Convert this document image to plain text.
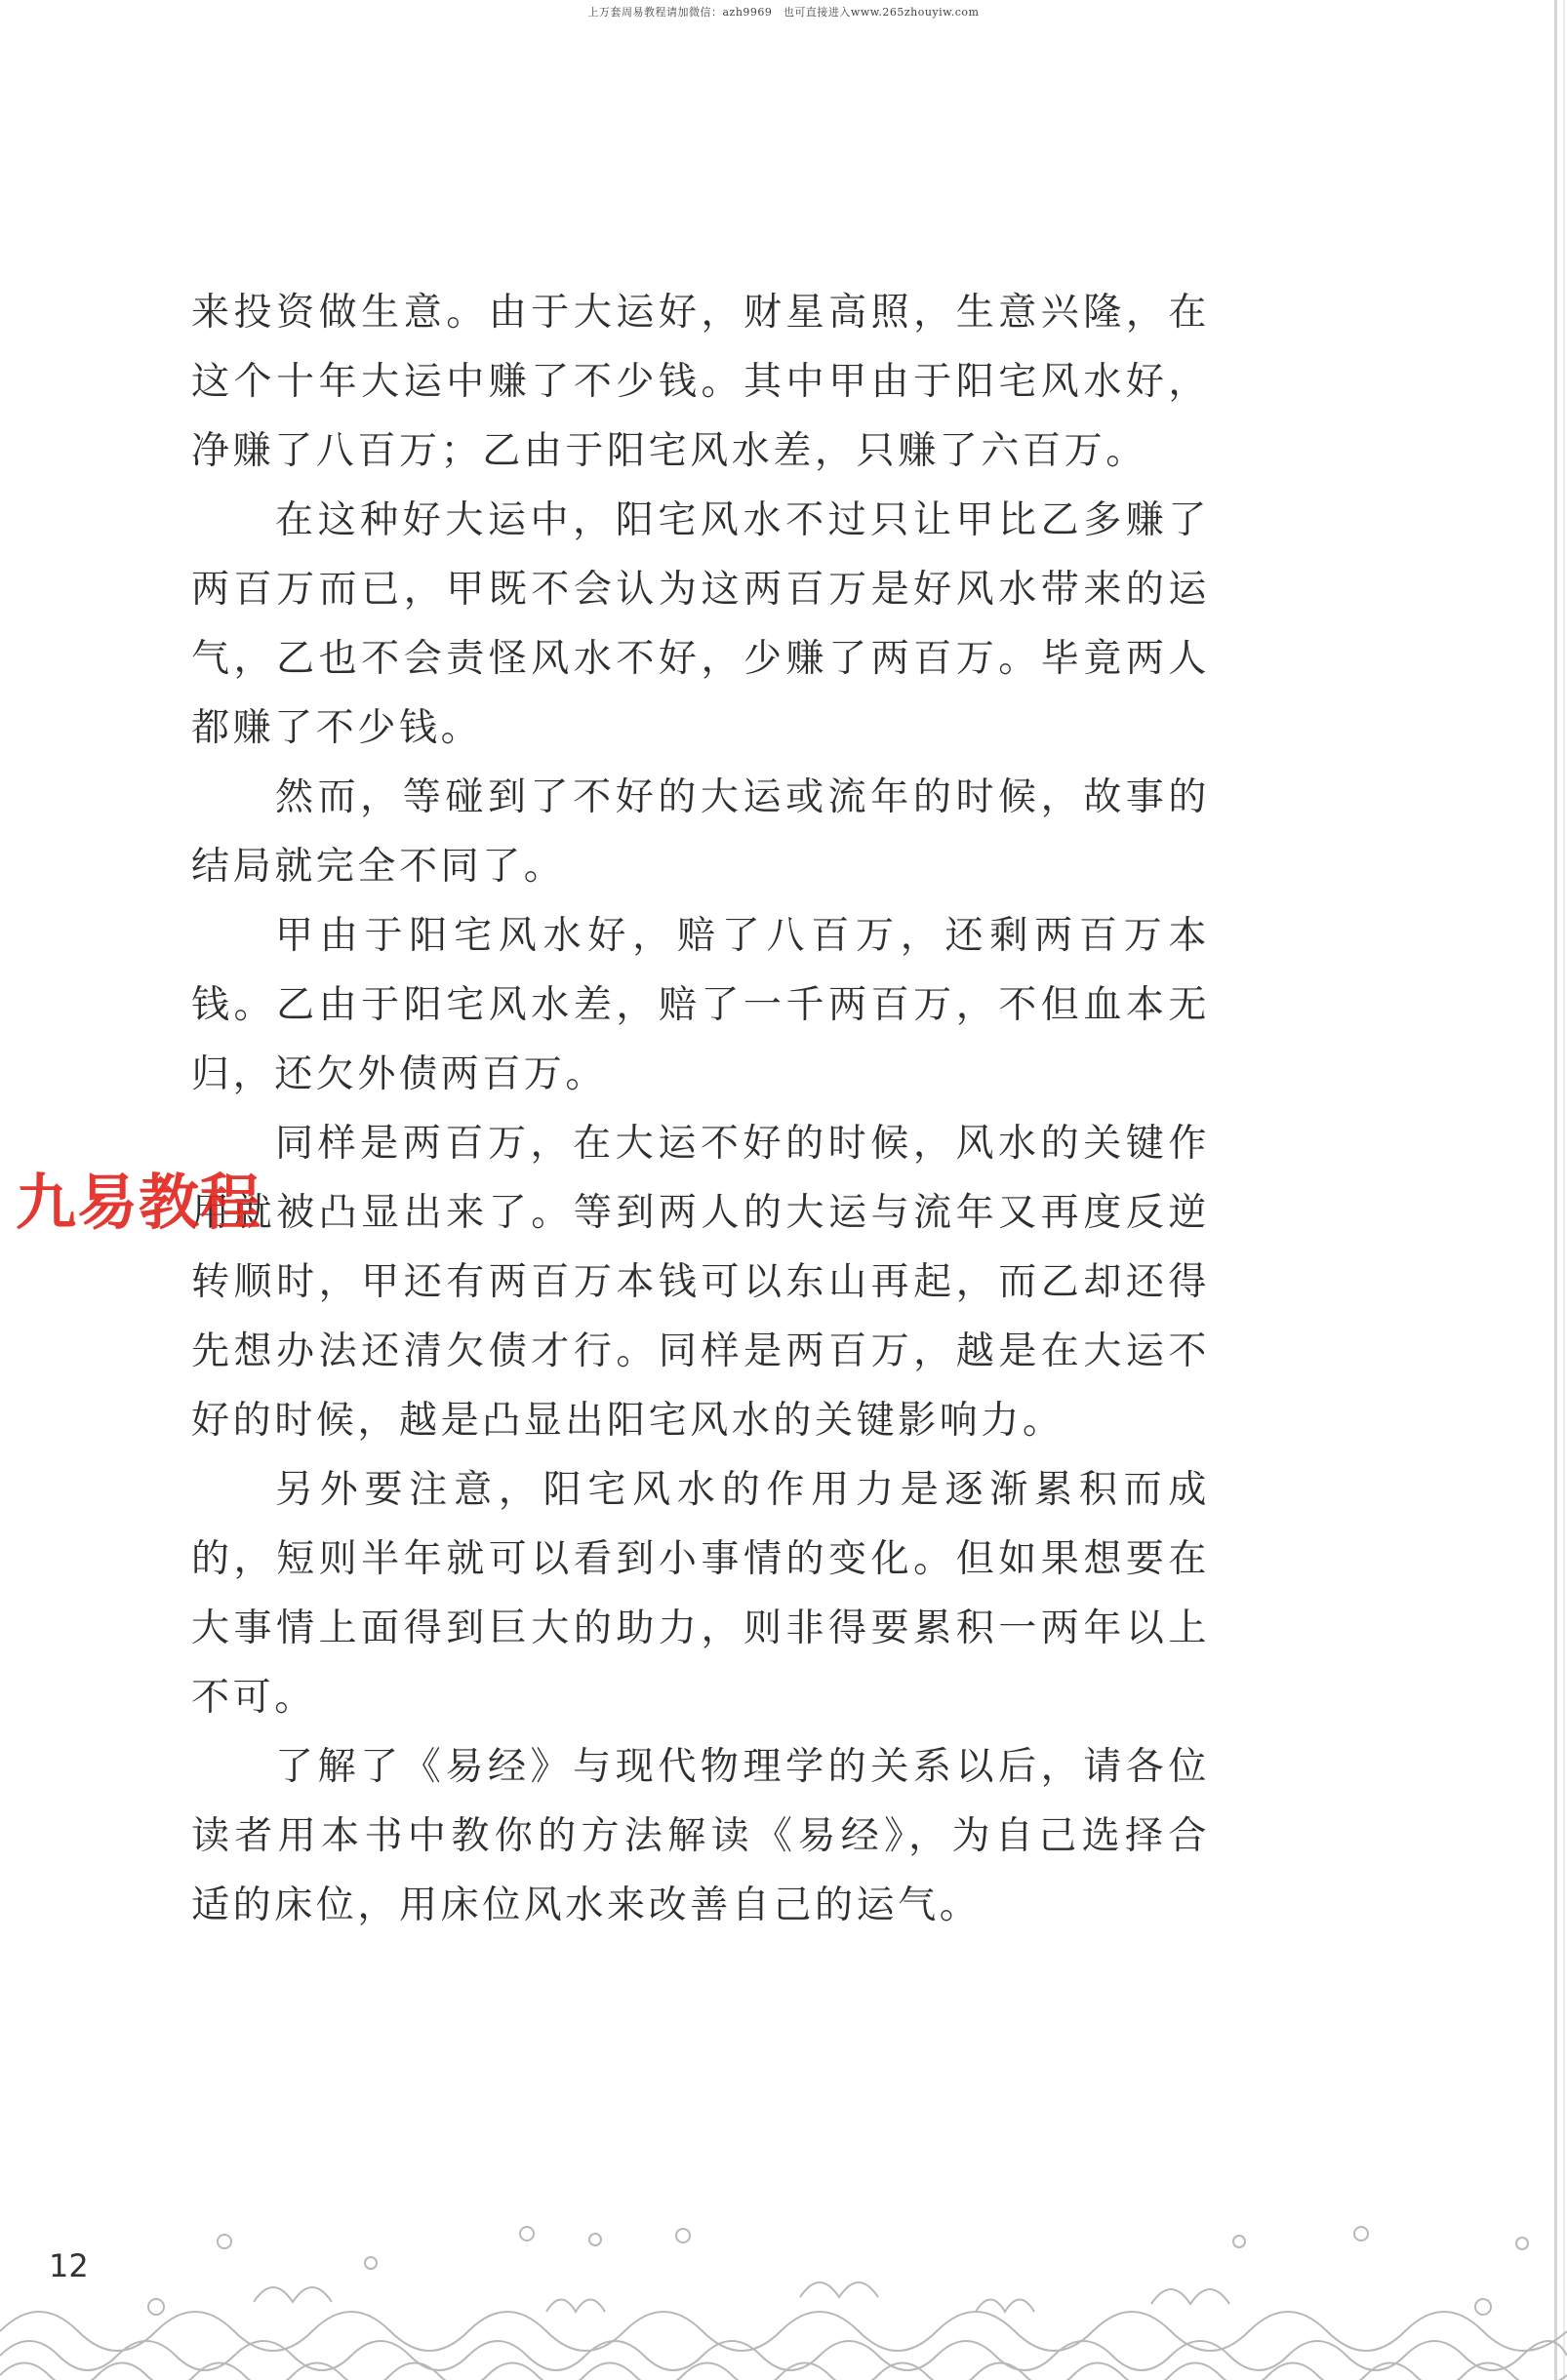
上万套周易教程请加微信：azh9969　也可直接进入www.265zhouyiw.com

来投资做生意。由于大运好，财星高照，生意兴隆，在这个十年大运中赚了不少钱。其中甲由于阳宅风水好，净赚了八百万；乙由于阳宅风水差，只赚了六百万。

在这种好大运中，阳宅风水不过只让甲比乙多赚了两百万而已，甲既不会认为这两百万是好风水带来的运气，乙也不会责怪风水不好，少赚了两百万。毕竟两人都赚了不少钱。

然而，等碰到了不好的大运或流年的时候，故事的结局就完全不同了。

甲由于阳宅风水好，赔了八百万，还剩两百万本钱。乙由于阳宅风水差，赔了一千两百万，不但血本无归，还欠外债两百万。

同样是两百万，在大运不好的时候，风水的关键作用就被凸显出来了。等到两人的大运与流年又再度反逆转顺时，甲还有两百万本钱可以东山再起，而乙却还得先想办法还清欠债才行。同样是两百万，越是在大运不好的时候，越是凸显出阳宅风水的关键影响力。

另外要注意，阳宅风水的作用力是逐渐累积而成的，短则半年就可以看到小事情的变化。但如果想要在大事情上面得到巨大的助力，则非得要累积一两年以上不可。

了解了《易经》与现代物理学的关系以后，请各位读者用本书中教你的方法解读《易经》，为自己选择合适的床位，用床位风水来改善自己的运气。

九易教程
12
